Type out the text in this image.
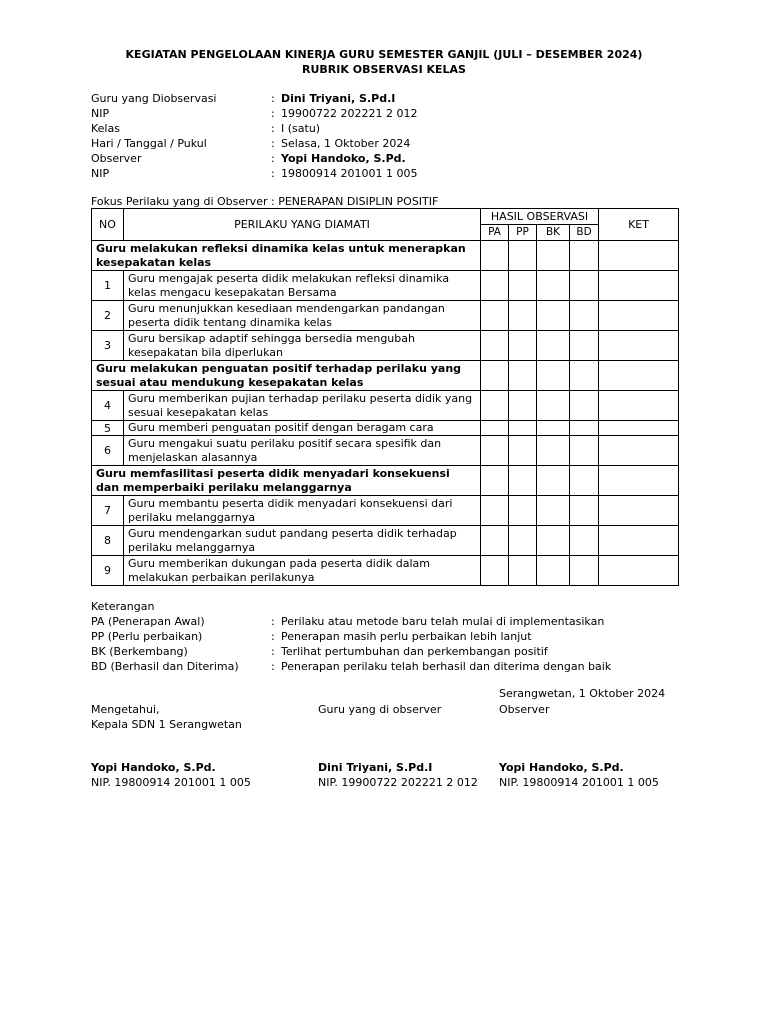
KEGIATAN PENGELOLAAN KINERJA GURU SEMESTER GANJIL (JULI – DESEMBER 2024)
RUBRIK OBSERVASI KELAS
Guru yang Diobservasi	: Dini Triyani, S.Pd.I
NIP	: 19900722 202221 2 012
Kelas	: I (satu)
Hari / Tanggal / Pukul	: Selasa, 1 Oktober 2024
Observer	: Yopi Handoko, S.Pd.
NIP	: 19800914 201001 1 005
Fokus Perilaku yang di Observer : PENERAPAN DISIPLIN POSITIF
NO	PERILAKU YANG DIAMATI	HASIL OBSERVASI				KET
		PA	PP	BK	BD	
Guru melakukan refleksi dinamika kelas untuk menerapkan kesepakatan kelas						
1	Guru mengajak peserta didik melakukan refleksi dinamika kelas mengacu kesepakatan Bersama					
2	Guru menunjukkan kesediaan mendengarkan pandangan peserta didik tentang dinamika kelas					
3	Guru bersikap adaptif sehingga bersedia mengubah kesepakatan bila diperlukan					
Guru melakukan penguatan positif terhadap perilaku yang sesuai atau mendukung kesepakatan kelas						
4	Guru memberikan pujian terhadap perilaku peserta didik yang sesuai kesepakatan kelas					
5	Guru memberi penguatan positif dengan beragam cara					
6	Guru mengakui suatu perilaku positif secara spesifik dan menjelaskan alasannya					
Guru memfasilitasi peserta didik menyadari konsekuensi dan memperbaiki perilaku melanggarnya						
7	Guru membantu peserta didik menyadari konsekuensi dari perilaku melanggarnya					
8	Guru mendengarkan sudut pandang peserta didik terhadap perilaku melanggarnya					
9	Guru memberikan dukungan pada peserta didik dalam melakukan perbaikan perilakunya					
Keterangan
PA (Penerapan Awal)	: Perilaku atau metode baru telah mulai di implementasikan
PP (Perlu perbaikan)	: Penerapan masih perlu perbaikan lebih lanjut
BK (Berkembang)	: Terlihat pertumbuhan dan perkembangan positif
BD (Berhasil dan Diterima)	: Penerapan perilaku telah berhasil dan diterima dengan baik
Serangwetan, 1 Oktober 2024
Mengetahui,
Kepala SDN 1 Serangwetan
Guru yang di observer	Observer
Yopi Handoko, S.Pd.
NIP. 19800914 201001 1 005
Dini Triyani, S.Pd.I
NIP. 19900722 202221 2 012
Yopi Handoko, S.Pd.
NIP. 19800914 201001 1 005
